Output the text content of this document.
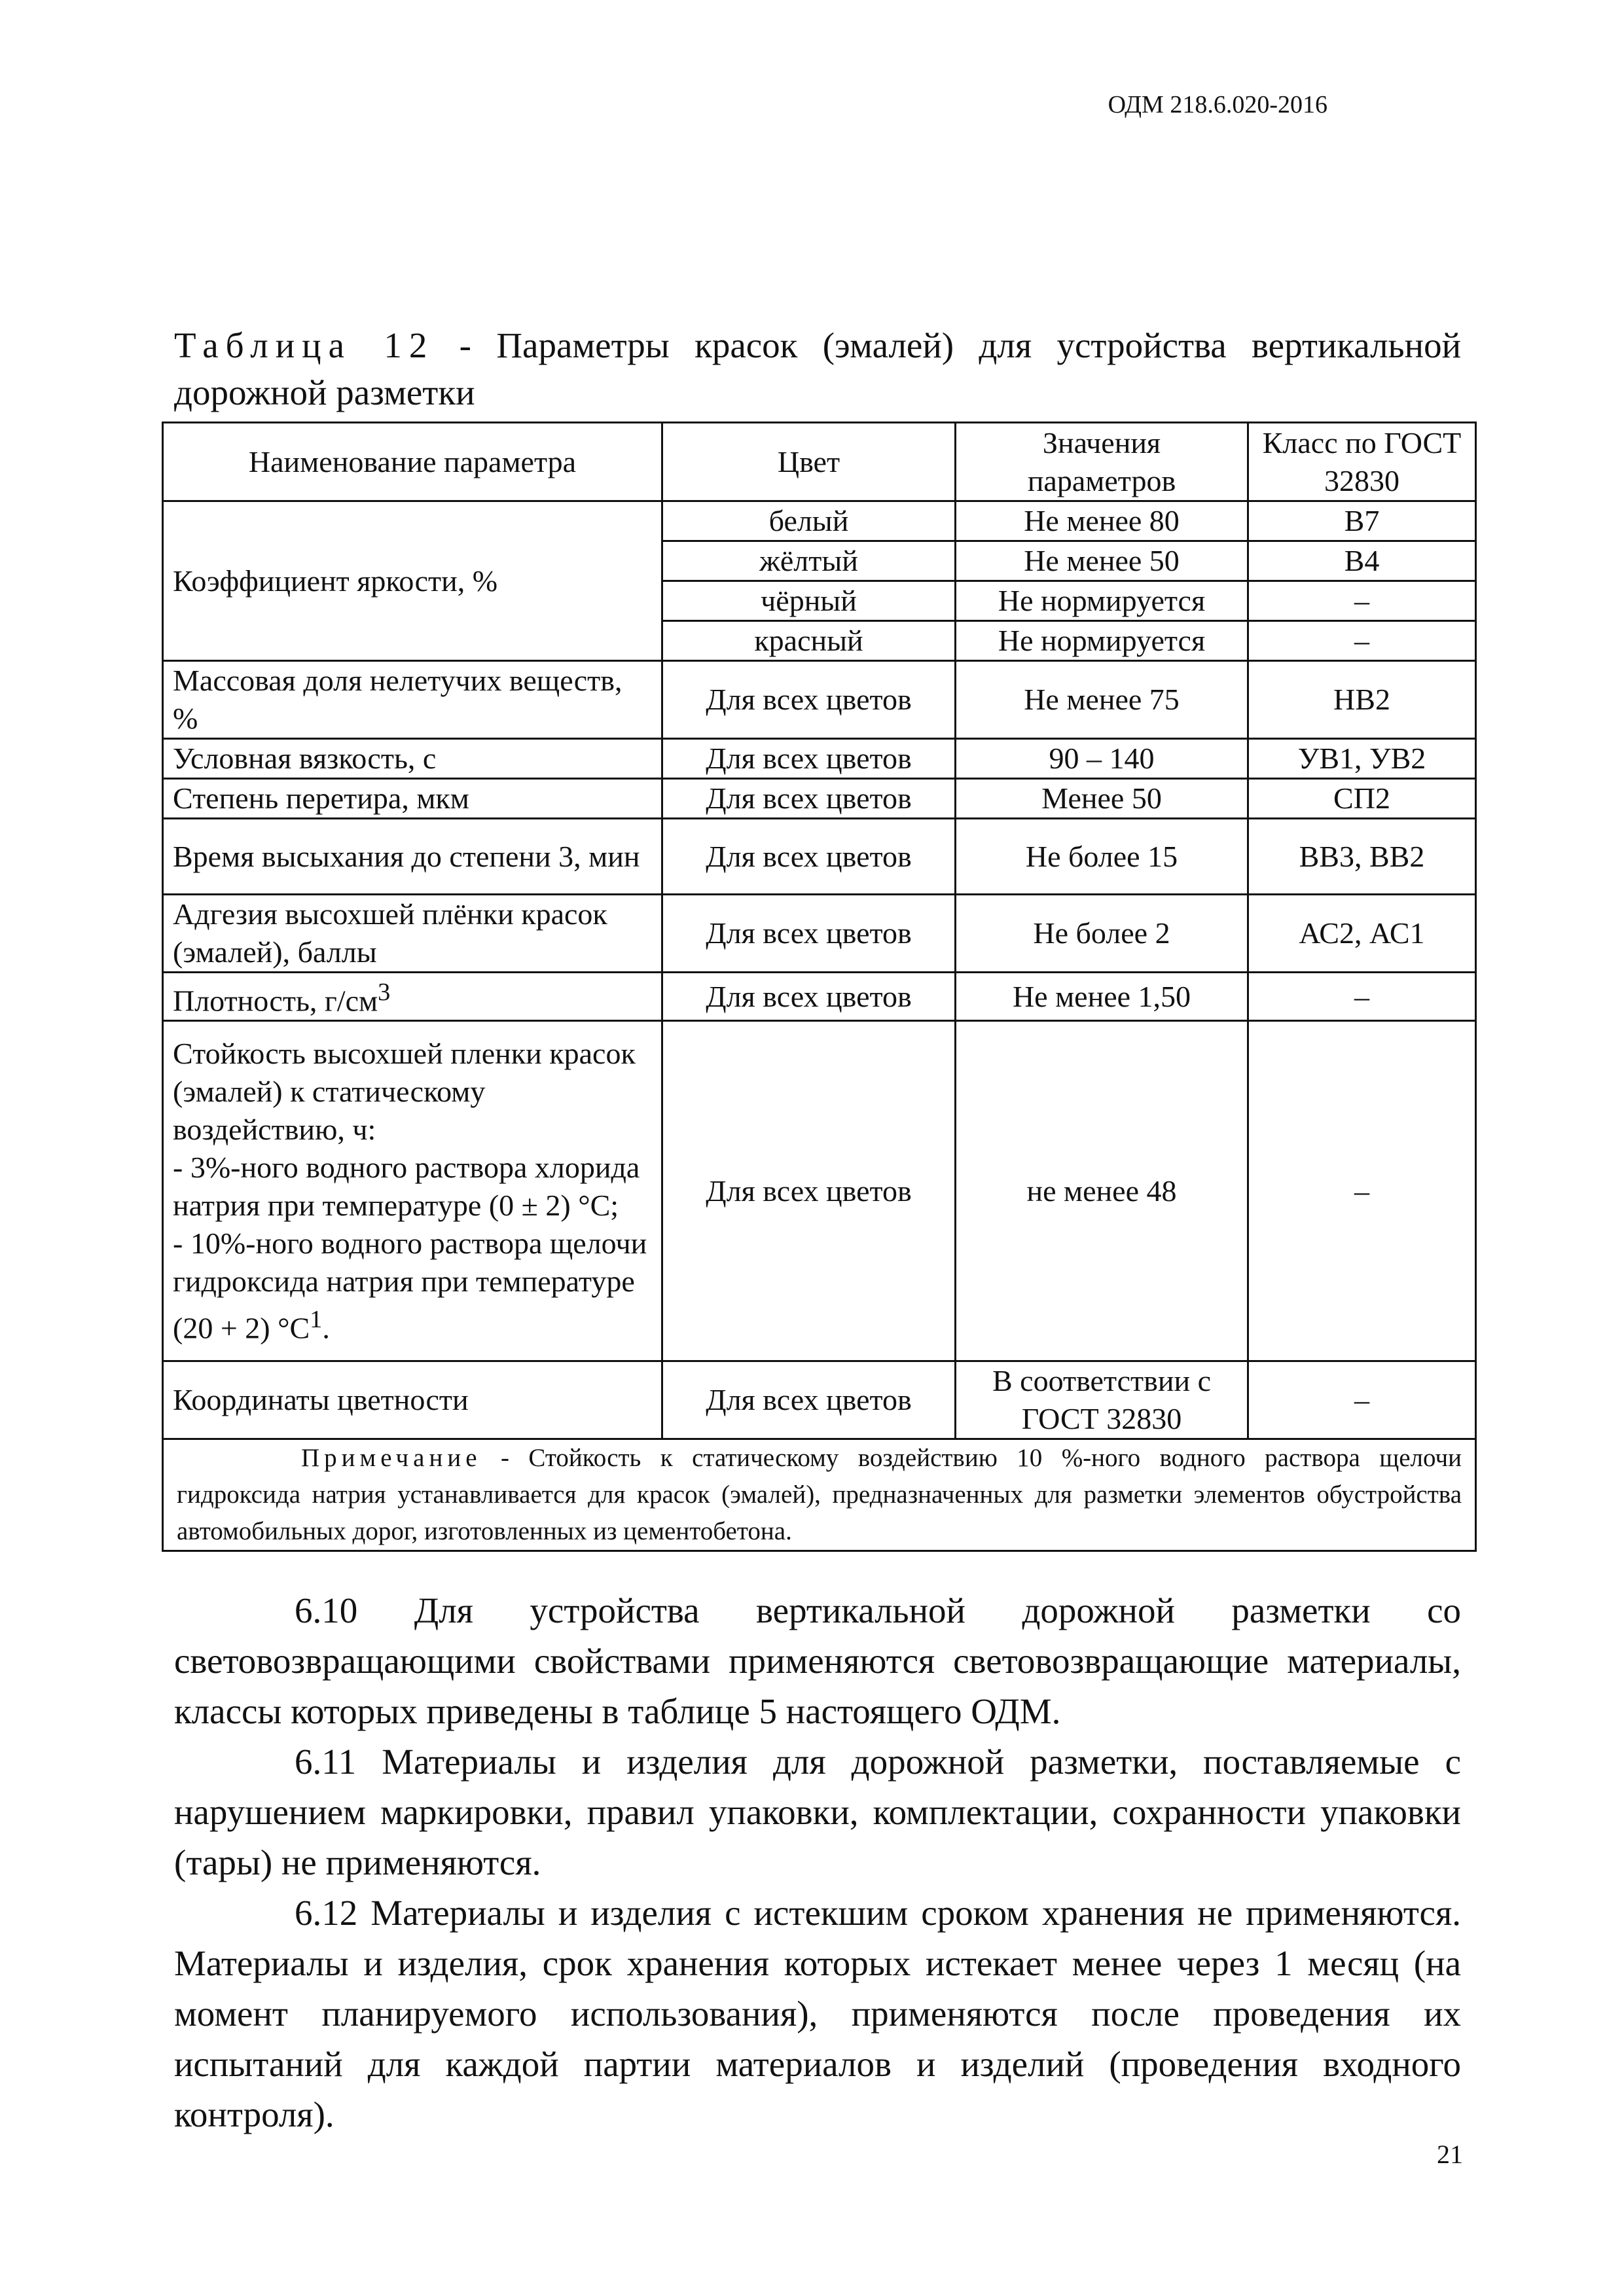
ОДМ 218.6.020-2016
Таблица 12 - Параметры красок (эмалей) для устройства вертикальной
дорожной разметки
Наименование параметра	Цвет	Значения параметров	Класс по ГОСТ 32830
Коэффициент яркости, %	белый	Не менее 80	В7
	жёлтый	Не менее 50	В4
	чёрный	Не нормируется	–
	красный	Не нормируется	–
Массовая доля нелетучих веществ, %	Для всех цветов	Не менее 75	НВ2
Условная вязкость, с	Для всех цветов	90 – 140	УВ1, УВ2
Степень перетира, мкм	Для всех цветов	Менее 50	СП2
Время высыхания до степени 3, мин	Для всех цветов	Не более 15	ВВ3, ВВ2
Адгезия высохшей плёнки красок (эмалей), баллы	Для всех цветов	Не более 2	АС2, АС1
Плотность, $г/см^3$	Для всех цветов	Не менее 1,50	–

Стойкость высохшей пленки красок (эмалей) к статическому воздействию, ч:
- 3%-ного водного раствора хлорида натрия при температуре (0 ± 2) °С;
- 10%-ного водного раствора щелочи гидроксида натрия при температуре (20 + 2) $^\circ С^1$.	Для всех цветов	не менее 48	–
Координаты цветности	Для всех цветов	В соответствии с ГОСТ 32830	–
Примечание - Стойкость к статическому воздействию 10 %-ного водного раствора щелочи гидроксида натрия устанавливается для красок (эмалей), предназначенных для разметки элементов обустройства автомобильных дорог, изготовленных из цементобетона.			

6.10 Для устройства вертикальной дорожной разметки со световозвращающими свойствами применяются световозвращающие материалы, классы которых приведены в таблице 5 настоящего ОДМ.

6.11 Материалы и изделия для дорожной разметки, поставляемые с нарушением маркировки, правил упаковки, комплектации, сохранности упаковки (тары) не применяются.

6.12 Материалы и изделия с истекшим сроком хранения не применяются. Материалы и изделия, срок хранения которых истекает менее через 1 месяц (на момент планируемого использования), применяются после проведения их испытаний для каждой партии материалов и изделий (проведения входного контроля).

21
